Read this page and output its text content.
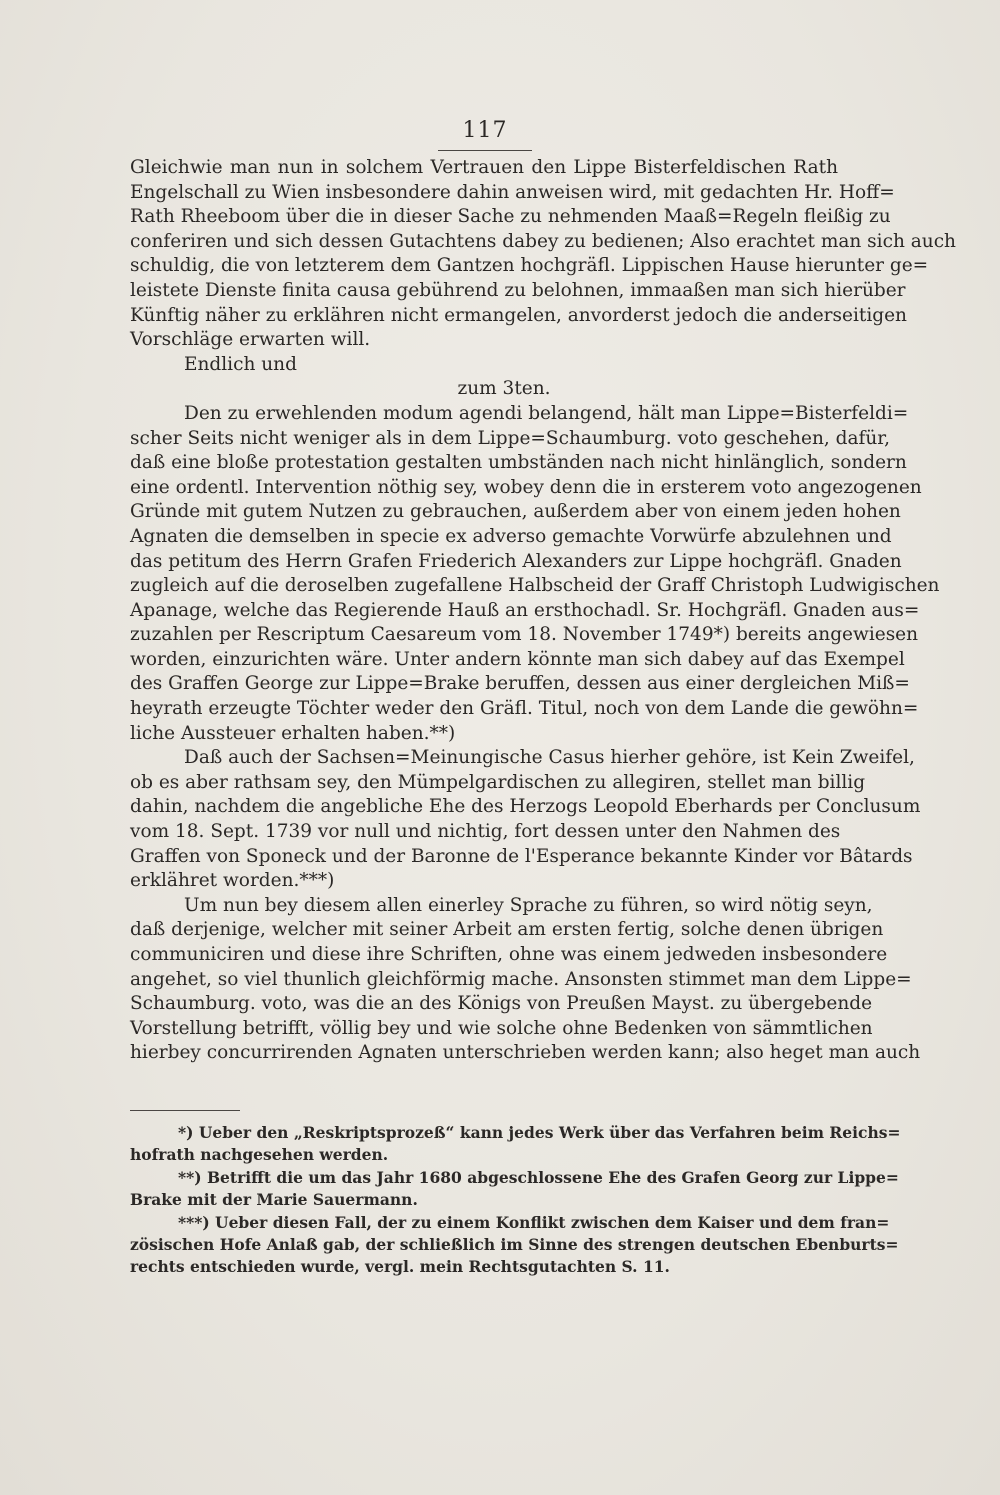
117
Gleichwie man nun in solchem Vertrauen den Lippe Bisterfeldischen Rath
Engelschall zu Wien insbesondere dahin anweisen wird, mit gedachten Hr. Hoff=
Rath Rheeboom über die in dieser Sache zu nehmenden Maaß=Regeln fleißig zu
conferiren und sich dessen Gutachtens dabey zu bedienen; Also erachtet man sich auch
schuldig, die von letzterem dem Gantzen hochgräfl. Lippischen Hause hierunter ge=
leistete Dienste finita causa gebührend zu belohnen, immaaßen man sich hierüber
Künftig näher zu erklähren nicht ermangelen, anvorderst jedoch die anderseitigen
Vorschläge erwarten will.
Endlich und
zum 3ten.
Den zu erwehlenden modum agendi belangend, hält man Lippe=Bisterfeldi=
scher Seits nicht weniger als in dem Lippe=Schaumburg. voto geschehen, dafür,
daß eine bloße protestation gestalten umbständen nach nicht hinlänglich, sondern
eine ordentl. Intervention nöthig sey, wobey denn die in ersterem voto angezogenen
Gründe mit gutem Nutzen zu gebrauchen, außerdem aber von einem jeden hohen
Agnaten die demselben in specie ex adverso gemachte Vorwürfe abzulehnen und
das petitum des Herrn Grafen Friederich Alexanders zur Lippe hochgräfl. Gnaden
zugleich auf die deroselben zugefallene Halbscheid der Graff Christoph Ludwigischen
Apanage, welche das Regierende Hauß an ersthochadl. Sr. Hochgräfl. Gnaden aus=
zuzahlen per Rescriptum Caesareum vom 18. November 1749*) bereits angewiesen
worden, einzurichten wäre. Unter andern könnte man sich dabey auf das Exempel
des Graffen George zur Lippe=Brake beruffen, dessen aus einer dergleichen Miß=
heyrath erzeugte Töchter weder den Gräfl. Titul, noch von dem Lande die gewöhn=
liche Aussteuer erhalten haben.**)
Daß auch der Sachsen=Meinungische Casus hierher gehöre, ist Kein Zweifel,
ob es aber rathsam sey, den Mümpelgardischen zu allegiren, stellet man billig
dahin, nachdem die angebliche Ehe des Herzogs Leopold Eberhards per Conclusum
vom 18. Sept. 1739 vor null und nichtig, fort dessen unter den Nahmen des
Graffen von Sponeck und der Baronne de l'Esperance bekannte Kinder vor Bâtards
erklähret worden.***)
Um nun bey diesem allen einerley Sprache zu führen, so wird nötig seyn,
daß derjenige, welcher mit seiner Arbeit am ersten fertig, solche denen übrigen
communiciren und diese ihre Schriften, ohne was einem jedweden insbesondere
angehet, so viel thunlich gleichförmig mache. Ansonsten stimmet man dem Lippe=
Schaumburg. voto, was die an des Königs von Preußen Mayst. zu übergebende
Vorstellung betrifft, völlig bey und wie solche ohne Bedenken von sämmtlichen
hierbey concurrirenden Agnaten unterschrieben werden kann; also heget man auch
*) Ueber den „Reskriptsprozeß“ kann jedes Werk über das Verfahren beim Reichs=
hofrath nachgesehen werden.
**) Betrifft die um das Jahr 1680 abgeschlossene Ehe des Grafen Georg zur Lippe=
Brake mit der Marie Sauermann.
***) Ueber diesen Fall, der zu einem Konflikt zwischen dem Kaiser und dem fran=
zösischen Hofe Anlaß gab, der schließlich im Sinne des strengen deutschen Ebenburts=
rechts entschieden wurde, vergl. mein Rechtsgutachten S. 11.
